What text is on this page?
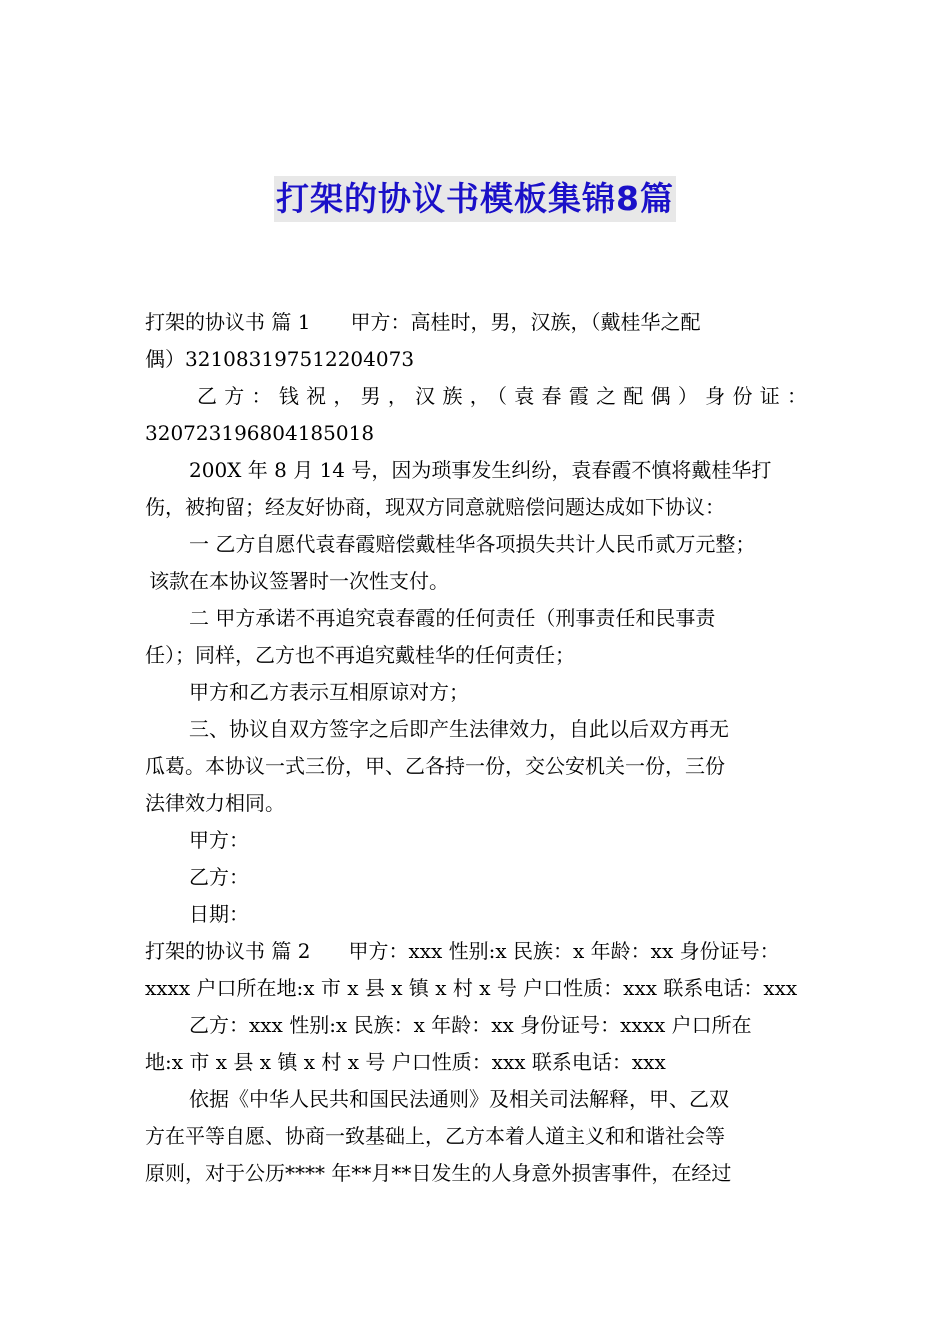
打架的协议书模板集锦8篇
打架的协议书 篇 1 甲方：高桂时，男，汉族，（戴桂华之配
偶）321083197512204073
乙方：钱祝，男，汉族，（袁春霞之配偶）身份证：
320723196804185018
200X 年 8 月 14 号，因为琐事发生纠纷，袁春霞不慎将戴桂华打
伤，被拘留；经友好协商，现双方同意就赔偿问题达成如下协议：
一 乙方自愿代袁春霞赔偿戴桂华各项损失共计人民币贰万元整；
该款在本协议签署时一次性支付。
二 甲方承诺不再追究袁春霞的任何责任（刑事责任和民事责
任）；同样，乙方也不再追究戴桂华的任何责任；
甲方和乙方表示互相原谅对方；
三、协议自双方签字之后即产生法律效力，自此以后双方再无
瓜葛。本协议一式三份，甲、乙各持一份，交公安机关一份，三份
法律效力相同。
甲方：
乙方：
日期：
打架的协议书 篇 2 甲方：xxx 性别:x 民族：x 年龄：xx 身份证号：
xxxx 户口所在地:x 市 x 县 x 镇 x 村 x 号 户口性质：xxx 联系电话：xxx
乙方：xxx 性别:x 民族：x 年龄：xx 身份证号：xxxx 户口所在
地:x 市 x 县 x 镇 x 村 x 号 户口性质：xxx 联系电话：xxx
依据《中华人民共和国民法通则》及相关司法解释，甲、乙双
方在平等自愿、协商一致基础上，乙方本着人道主义和和谐社会等
原则，对于公历**** 年**月**日发生的人身意外损害事件，在经过
